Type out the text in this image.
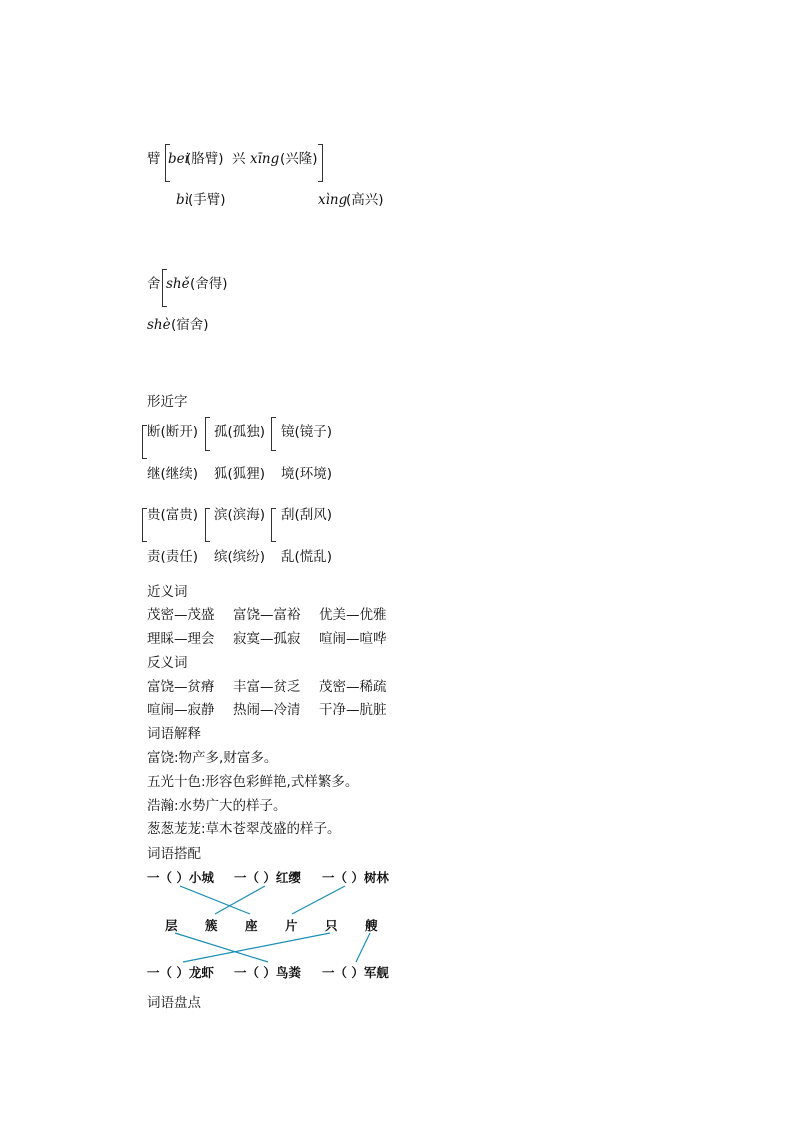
臂 bei
(胳臂) 兴 xīng (兴隆)
bì (手臂)	xìng
(高兴)
舍 shě (舍得)
shè (宿舍)
形近字
断(断开) 孤(孤独) 镜(镜子)
继(继续) 狐(狐狸) 境(环境)
贵(富贵) 滨(滨海) 刮(刮风)
责(责任) 缤(缤纷) 乱(慌乱)
近义词
茂密—茂盛 富饶—富裕 优美—优雅
理睬—理会 寂寞—孤寂 喧闹—喧哗
反义词
富饶—贫瘠 丰富—贫乏 茂密—稀疏
喧闹—寂静 热闹—冷清 干净—肮脏
词语解释
富饶:物产多,财富多。
五光十色:形容色彩鲜艳,式样繁多。
浩瀚:水势广大的样子。
葱葱茏茏:草木苍翠茂盛的样子。
词语搭配
一（ ）小城 一（ ）红缨 一（ ）树林
层 簇 座 片 只 艘
一（ ）龙虾 一（ ）鸟粪 一（ ）军舰
词语盘点
